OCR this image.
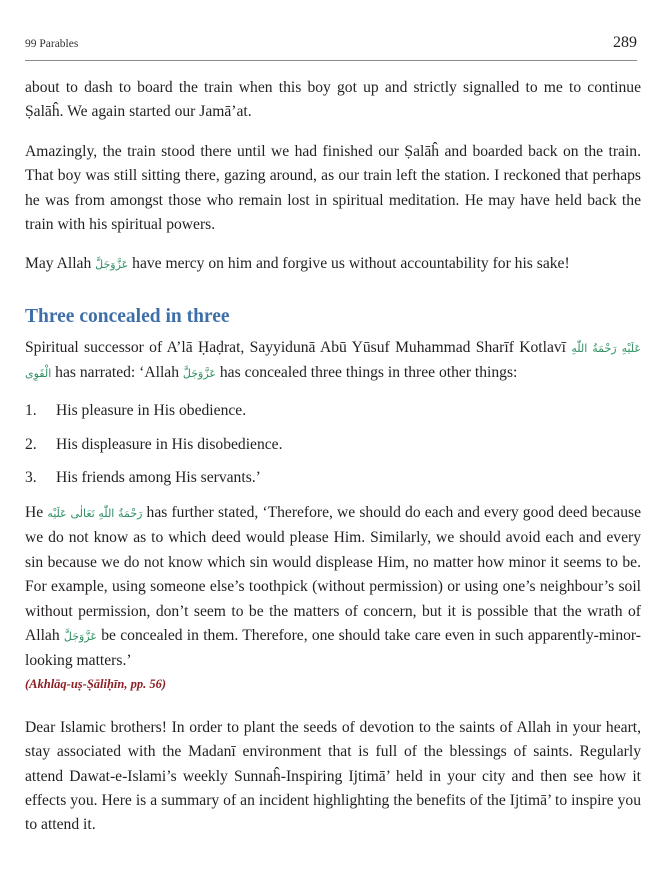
99 Parables	289

about to dash to board the train when this boy got up and strictly signalled to me to continue Ṣalāĥ. We again started our Jamā’at.

Amazingly, the train stood there until we had finished our Ṣalāĥ and boarded back on the train. That boy was still sitting there, gazing around, as our train left the station. I reckoned that perhaps he was from amongst those who remain lost in spiritual meditation. He may have held back the train with his spiritual powers.

May Allah عَزَّوَجَلَّ have mercy on him and forgive us without accountability for his sake!

Three concealed in three

Spiritual successor of A’lā Ḥaḍrat, Sayyidunā Abū Yūsuf Muhammad Sharīf Kotlavī عَلَيْهِ رَحْمَةُ اللّٰهِ الْقَوِى has narrated: ‘Allah عَزَّوَجَلَّ has concealed three things in three other things:

1.	His pleasure in His obedience.
2.	His displeasure in His disobedience.
3.	His friends among His servants.’

He رَحْمَةُ اللّٰهِ تَعَالٰی عَلَيْه has further stated, ‘Therefore, we should do each and every good deed because we do not know as to which deed would please Him. Similarly, we should avoid each and every sin because we do not know which sin would displease Him, no matter how minor it seems to be. For example, using someone else’s toothpick (without permission) or using one’s neighbour’s soil without permission, don’t seem to be the matters of concern, but it is possible that the wrath of Allah عَزَّوَجَلَّ be concealed in them. Therefore, one should take care even in such apparently-minor-looking matters.’

(Akhlāq-uṣ-Ṣāliḥīn, pp. 56)

Dear Islamic brothers! In order to plant the seeds of devotion to the saints of Allah in your heart, stay associated with the Madanī environment that is full of the blessings of saints. Regularly attend Dawat-e-Islami’s weekly Sunnaĥ-Inspiring Ijtimā’ held in your city and then see how it effects you. Here is a summary of an incident highlighting the benefits of the Ijtimā’ to inspire you to attend it.
